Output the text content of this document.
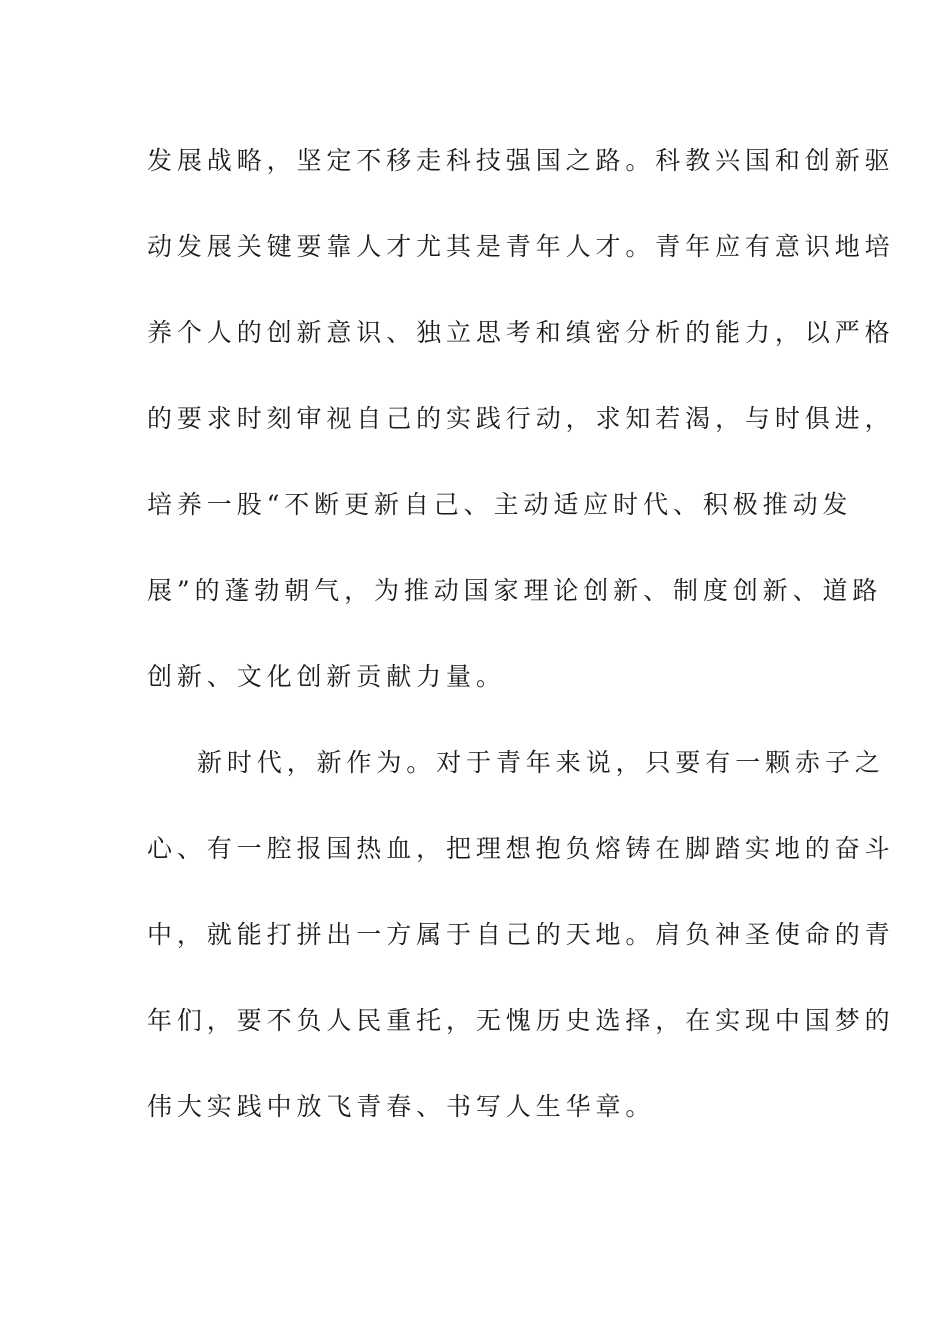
发展战略，坚定不移走科技强国之路。科教兴国和创新驱
动发展关键要靠人才尤其是青年人才。青年应有意识地培
养个人的创新意识、独立思考和缜密分析的能力，以严格
的要求时刻审视自己的实践行动，求知若渴，与时俱进，
培养一股“不断更新自己、主动适应时代、积极推动发
展”的蓬勃朝气，为推动国家理论创新、制度创新、道路
创新、文化创新贡献力量。
新时代，新作为。对于青年来说，只要有一颗赤子之
心、有一腔报国热血，把理想抱负熔铸在脚踏实地的奋斗
中，就能打拼出一方属于自己的天地。肩负神圣使命的青
年们，要不负人民重托，无愧历史选择，在实现中国梦的
伟大实践中放飞青春、书写人生华章。
